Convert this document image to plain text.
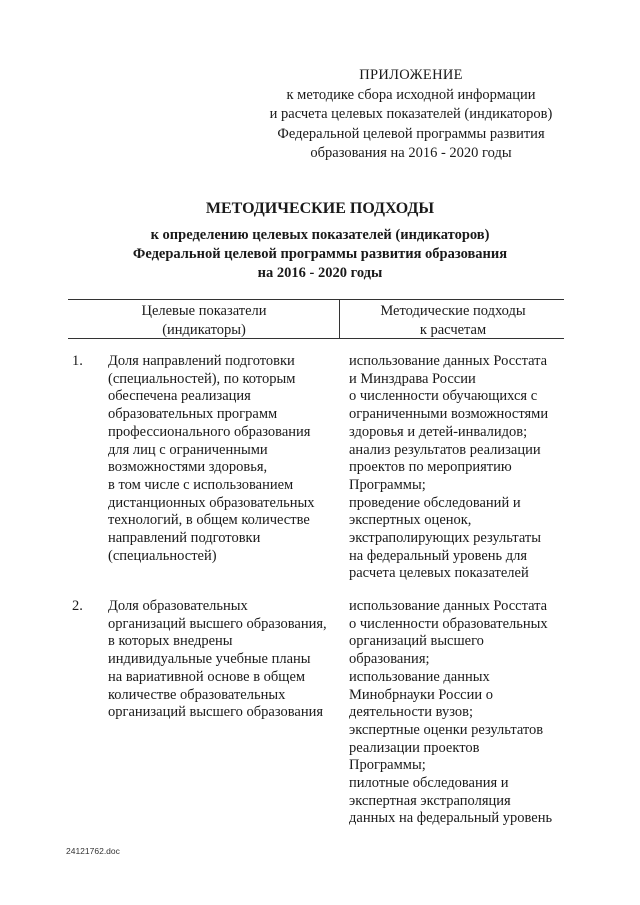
ПРИЛОЖЕНИЕ
к методике сбора исходной информации
и расчета целевых показателей (индикаторов)
Федеральной целевой программы развития
образования на 2016 - 2020 годы
МЕТОДИЧЕСКИЕ ПОДХОДЫ
к определению целевых показателей (индикаторов)
Федеральной целевой программы развития образования
на 2016 - 2020 годы
Целевые показатели
(индикаторы)
Методические подходы
к расчетам
1. Доля направлений подготовки
(специальностей), по которым
обеспечена реализация
образовательных программ
профессионального образования
для лиц с ограниченными
возможностями здоровья,
в том числе с использованием
дистанционных образовательных
технологий, в общем количестве
направлений подготовки
(специальностей)
использование данных Росстата
и Минздрава России
о численности обучающихся с
ограниченными возможностями
здоровья и детей-инвалидов;
анализ результатов реализации
проектов по мероприятию
Программы;
проведение обследований и
экспертных оценок,
экстраполирующих результаты
на федеральный уровень для
расчета целевых показателей
2. Доля образовательных
организаций высшего образования,
в которых внедрены
индивидуальные учебные планы
на вариативной основе в общем
количестве образовательных
организаций высшего образования
использование данных Росстата
о численности образовательных
организаций высшего
образования;
использование данных
Минобрнауки России о
деятельности вузов;
экспертные оценки результатов
реализации проектов
Программы;
пилотные обследования и
экспертная экстраполяция
данных на федеральный уровень
24121762.doc
